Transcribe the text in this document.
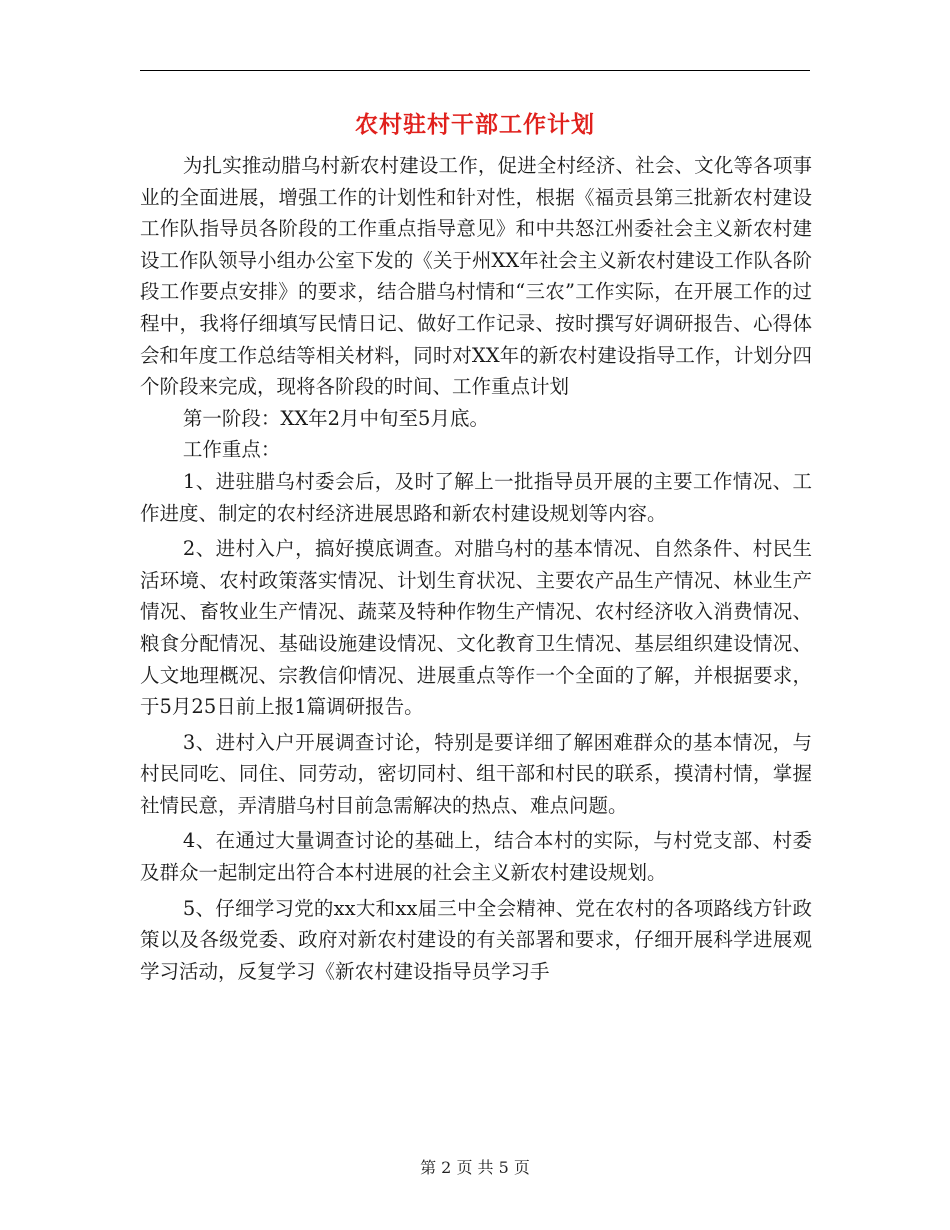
农村驻村干部工作计划

为扎实推动腊乌村新农村建设工作，促进全村经济、社会、文化等各项事业的全面进展，增强工作的计划性和针对性，根据《福贡县第三批新农村建设工作队指导员各阶段的工作重点指导意见》和中共怒江州委社会主义新农村建设工作队领导小组办公室下发的《关于州XX年社会主义新农村建设工作队各阶段工作要点安排》的要求，结合腊乌村情和“三农”工作实际，在开展工作的过程中，我将仔细填写民情日记、做好工作记录、按时撰写好调研报告、心得体会和年度工作总结等相关材料，同时对XX年的新农村建设指导工作，计划分四个阶段来完成，现将各阶段的时间、工作重点计划

第一阶段：XX年2月中旬至5月底。

工作重点：

1、进驻腊乌村委会后，及时了解上一批指导员开展的主要工作情况、工作进度、制定的农村经济进展思路和新农村建设规划等内容。

2、进村入户，搞好摸底调查。对腊乌村的基本情况、自然条件、村民生活环境、农村政策落实情况、计划生育状况、主要农产品生产情况、林业生产情况、畜牧业生产情况、蔬菜及特种作物生产情况、农村经济收入消费情况、粮食分配情况、基础设施建设情况、文化教育卫生情况、基层组织建设情况、人文地理概况、宗教信仰情况、进展重点等作一个全面的了解，并根据要求，于5月25日前上报1篇调研报告。

3、进村入户开展调查讨论，特别是要详细了解困难群众的基本情况，与村民同吃、同住、同劳动，密切同村、组干部和村民的联系，摸清村情，掌握社情民意，弄清腊乌村目前急需解决的热点、难点问题。

4、在通过大量调查讨论的基础上，结合本村的实际，与村党支部、村委及群众一起制定出符合本村进展的社会主义新农村建设规划。

5、仔细学习党的xx大和xx届三中全会精神、党在农村的各项路线方针政策以及各级党委、政府对新农村建设的有关部署和要求，仔细开展科学进展观学习活动，反复学习《新农村建设指导员学习手

第 2 页 共 5 页
